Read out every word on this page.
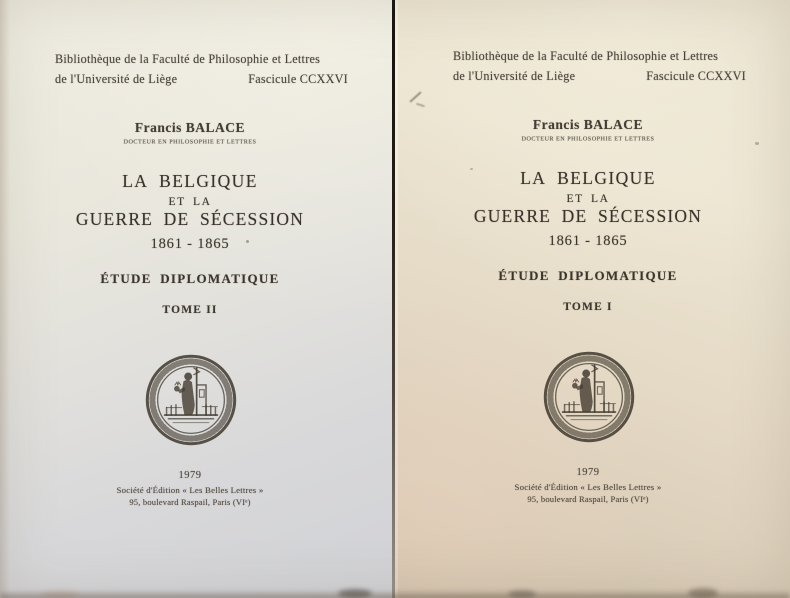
Bibliothèque de la Faculté de Philosophie et Lettres
de l'Université de Liège	Fascicule CCXXVI
Francis BALACE
DOCTEUR EN PHILOSOPHIE ET LETTRES
LA BELGIQUE
ET LA
GUERRE DE SÉCESSION
1861 - 1865
ÉTUDE DIPLOMATIQUE
TOME II
1979
Société d'Édition « Les Belles Lettres »
95, boulevard Raspail, Paris (VIᵉ)
Bibliothèque de la Faculté de Philosophie et Lettres
de l'Université de Liège	Fascicule CCXXVI
Francis BALACE
DOCTEUR EN PHILOSOPHIE ET LETTRES
LA BELGIQUE
ET LA
GUERRE DE SÉCESSION
1861 - 1865
ÉTUDE DIPLOMATIQUE
TOME I
1979
Société d'Édition « Les Belles Lettres »
95, boulevard Raspail, Paris (VIᵉ)
